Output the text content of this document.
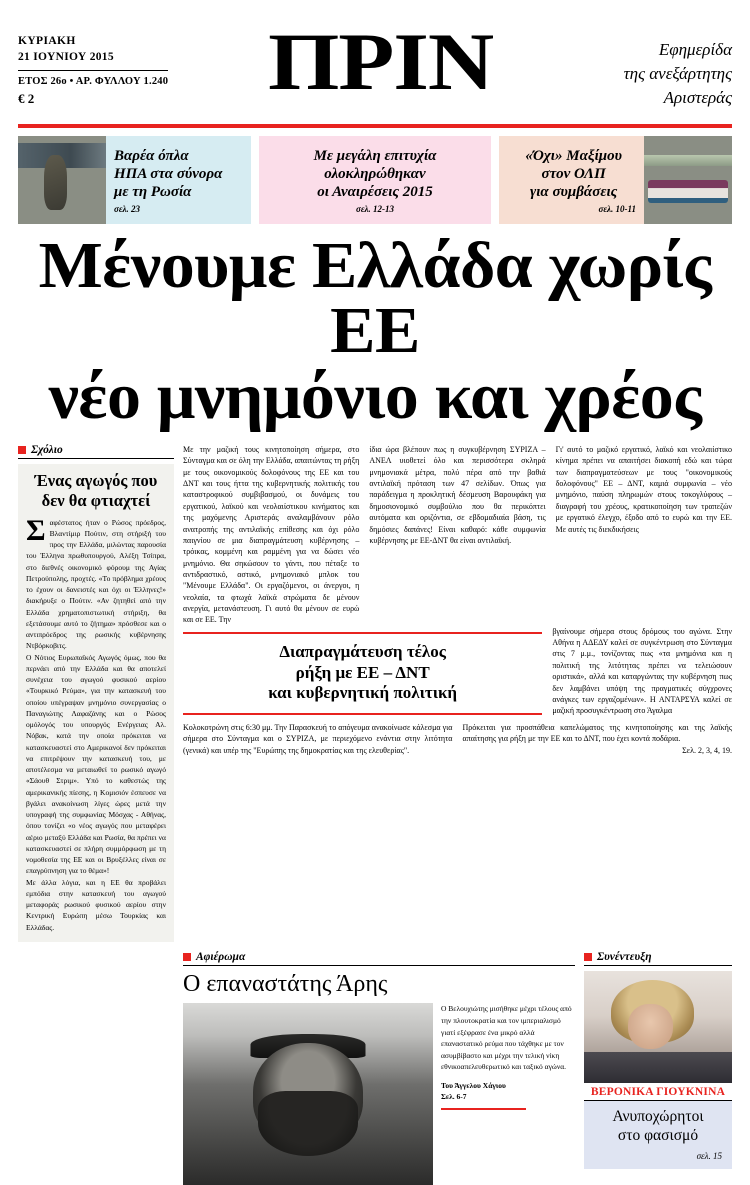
ΚΥΡΙΑΚΗ
21 ΙΟΥΝΙΟΥ 2015
ΕΤΟΣ 26ο • ΑΡ. ΦΥΛΛΟΥ 1.240
€ 2	ΠΡΙΝ	Εφημερίδα
της ανεξάρτητης
Αριστεράς
Βαρέα όπλα
ΗΠΑ στα σύνορα
με τη Ρωσία
σελ. 23
Με μεγάλη επιτυχία
ολοκληρώθηκαν
οι Αναιρέσεις 2015
σελ. 12-13
«Όχι» Μαξίμου
στον ΟΛΠ
για συμβάσεις
σελ. 10-11
Μένουμε Ελλάδα χωρίς ΕΕ
νέο μνημόνιο και χρέος
Σχόλιο
Ένας αγωγός που
δεν θα φτιαχτεί
Σαφέστατος ήταν ο Ρώσος πρόεδρος, Βλαντίμιρ Πούτιν, στη στήριξή του προς την Ελλάδα, μιλώντας παρουσία του Έλληνα πρωθυπουργού, Αλέξη Τσίπρα, στο διεθνές οικονομικό φόρουμ της Αγίας Πετρούπολης, προχτές. «Το πρόβλημα χρέους το έχουν οι δανειστές και όχι οι Έλληνες!» διακήρυξε ο Πούτιν. «Αν ζητηθεί από την Ελλάδα χρηματοπιστωτική στήριξη, θα εξετάσουμε αυτό το ζήτημα» πρόσθεσε και ο αντιπρόεδρος της ρωσικής κυβέρνησης Ντβόρκοβιτς.
Ο Νότιος Ευρωπαϊκός Αγωγός όμως, που θα περνάει από την Ελλάδα και θα αποτελεί συνέχεια του αγωγού φυσικού αερίου «Τουρκικό Ρεύμα», για την κατασκευή του οποίου υπέγραψαν μνημόνιο συνεργασίας ο Παναγιώτης Λαφαζάνης και ο Ρώσος ομόλογός του υπουργός Ενέργειας Αλ. Νόβακ, κατά την οποία πρόκειται να κατασκευαστεί στο Αμερικανοί δεν πρόκειται να επιτρέψουν την κατασκευή του, με αποτέλεσμα να μεταιωθεί το ρωσικό αγωγό «Σάουθ Στριμ». Υπό το καθεστώς της αμερικανικής πίεσης, η Κομισιόν έσπευσε να βγάλει ανακοίνωση λίγες ώρες μετά την υπογραφή της συμφωνίας Μόσχας - Αθήνας, όπου τονίζει «ο νέος αγωγός που μεταφέρει αέριο μεταξύ Ελλάδα και Ρωσία, θα πρέπει να κατασκευαστεί σε πλήρη συμμόρφωση με τη νομοθεσία της ΕΕ και οι Βρυξέλλες είναι σε επαγρύπνηση για το θέμα»!
Με άλλα λόγια, και η ΕΕ θα προβάλει εμπόδια στην κατασκευή του αγωγού μεταφοράς ρωσικού φυσικού αερίου στην Κεντρική Ευρώπη μέσω Τουρκίας και Ελλάδας.
Με την μαζική τους κινητοποίηση σήμερα, στο Σύνταγμα και σε όλη την Ελλάδα, απαιτώντας τη ρήξη με τους οικονομικούς δολοφόνους της ΕΕ και του ΔΝΤ και τους ήττα της κυβερνητικής πολιτικής του καταστροφικού συμβιβασμού, οι δυνάμεις του εργατικού, λαϊκού και νεολαιίστικου κινήματος και της μαχόμενης Αριστεράς αναλαμβάνουν ρόλο ανατροπής της αντιλαϊκής επίθεσης και όχι ρόλο παιγνίου σε μια διαπραγμάτευση κυβέρνησης – τρόικας, κομμένη και ραμμένη για να δώσει νέο μνημόνιο. Θα σηκώσουν το γάντι, που πέταξε το αντιδραστικό, αστικό, μνημονιακό μπλοκ του "Μένουμε Ελλάδα". Οι εργαζόμενοι, οι άνεργοι, η νεολαία, τα φτωχά λαϊκά στρώματα δε μένουν ανεργία, μετανάστευση. Γι αυτό θα μένουν σε ευρώ και σε ΕΕ. Την
ίδια ώρα βλέπουν πως η συγκυβέρνηση ΣΥΡΙΖΑ – ΑΝΕΛ υιοθετεί όλο και περισσότερα σκληρά μνημονιακά μέτρα, πολύ πέρα από την βαθιά αντιλαϊκή πρόταση των 47 σελίδων. Όπως για παράδειγμα η προκλητική δέσμευση Βαρουφάκη για δημοσιονομικό συμβούλιο που θα περικόπτει αυτόματα και οριζόντια, σε εβδομαδιαία βάση, τις δημόσιες δαπάνες! Είναι καθαρό: κάθε συμφωνία κυβέρνησης με ΕΕ-ΔΝΤ θα είναι αντιλαϊκή.
Γι' αυτό το μαζικό εργατικό, λαϊκό και νεολαιίστικο κίνημα πρέπει να απαιτήσει διακοπή εδώ και τώρα των διαπραγματεύσεων με τους "οικονομικούς δολοφόνους" ΕΕ – ΔΝΤ, καμιά συμφωνία – νέο μνημόνιο, παύση πληρωμών στους τοκογλύφους – διαγραφή του χρέους, κρατικοποίηση των τραπεζών με εργατικό έλεγχο, έξοδο από το ευρώ και την ΕΕ. Με αυτές τις διεκδικήσεις
Διαπραγμάτευση τέλος
ρήξη με ΕΕ – ΔΝΤ
και κυβερνητική πολιτική
βγαίνουμε σήμερα στους δρόμους του αγώνα. Στην Αθήνα η ΑΔΕΔΥ καλεί σε συγκέντρωση στο Σύνταγμα στις 7 μ.μ., τονίζοντας πως «τα μνημόνια και η πολιτική της λιτότητας πρέπει να τελειώσουν οριστικά», αλλά και καταργώντας την κυβέρνηση πως δεν λαμβάνει υπόψη της πραγματικές σύγχρονες ανάγκες των εργαζομένων». Η ΑΝΤΑΡΣΥΑ καλεί σε μαζική προσυγκέντρωση στο Άγαλμα
Κολοκοτρώνη στις 6:30 μμ. Την Παρασκευή το απόγευμα ανακοίνωσε κάλεσμα για σήμερα στο Σύνταγμα και ο ΣΥΡΙΖΑ, με περιεχόμενο ενάντια στην λιτότητα (γενικά) και υπέρ της "Ευρώπης της δημοκρατίας και της ελευθερίας".
Πρόκειται για προσπάθεια καπελώματος της κινητοποίησης και της λαϊκής απαίτησης για ρήξη με την ΕΕ και το ΔΝΤ, που έχει κοντά ποδάρια.
Σελ. 2, 3, 4, 19.
Αφιέρωμα
Ο επαναστάτης Άρης
Ο Βελουχιώτης μισήθηκε μέχρι τέλους από την πλουτοκρατία και τον ιμπεριαλισμό γιατί εξέφρασε ένα μικρό αλλά επαναστατικό ρεύμα που τάχθηκε με τον ασυμβίβαστο και μέχρι την τελική νίκη εθνικοαπελευθερωτικό και ταξικό αγώνα.
Του Άγγελου Χάγιου
Σελ. 6-7
Συνέντευξη
ΒΕΡΟΝΙΚΑ ΓΙΟΥΚΝΙΝΑ
Ανυποχώρητοι
στο φασισμό
σελ. 15
